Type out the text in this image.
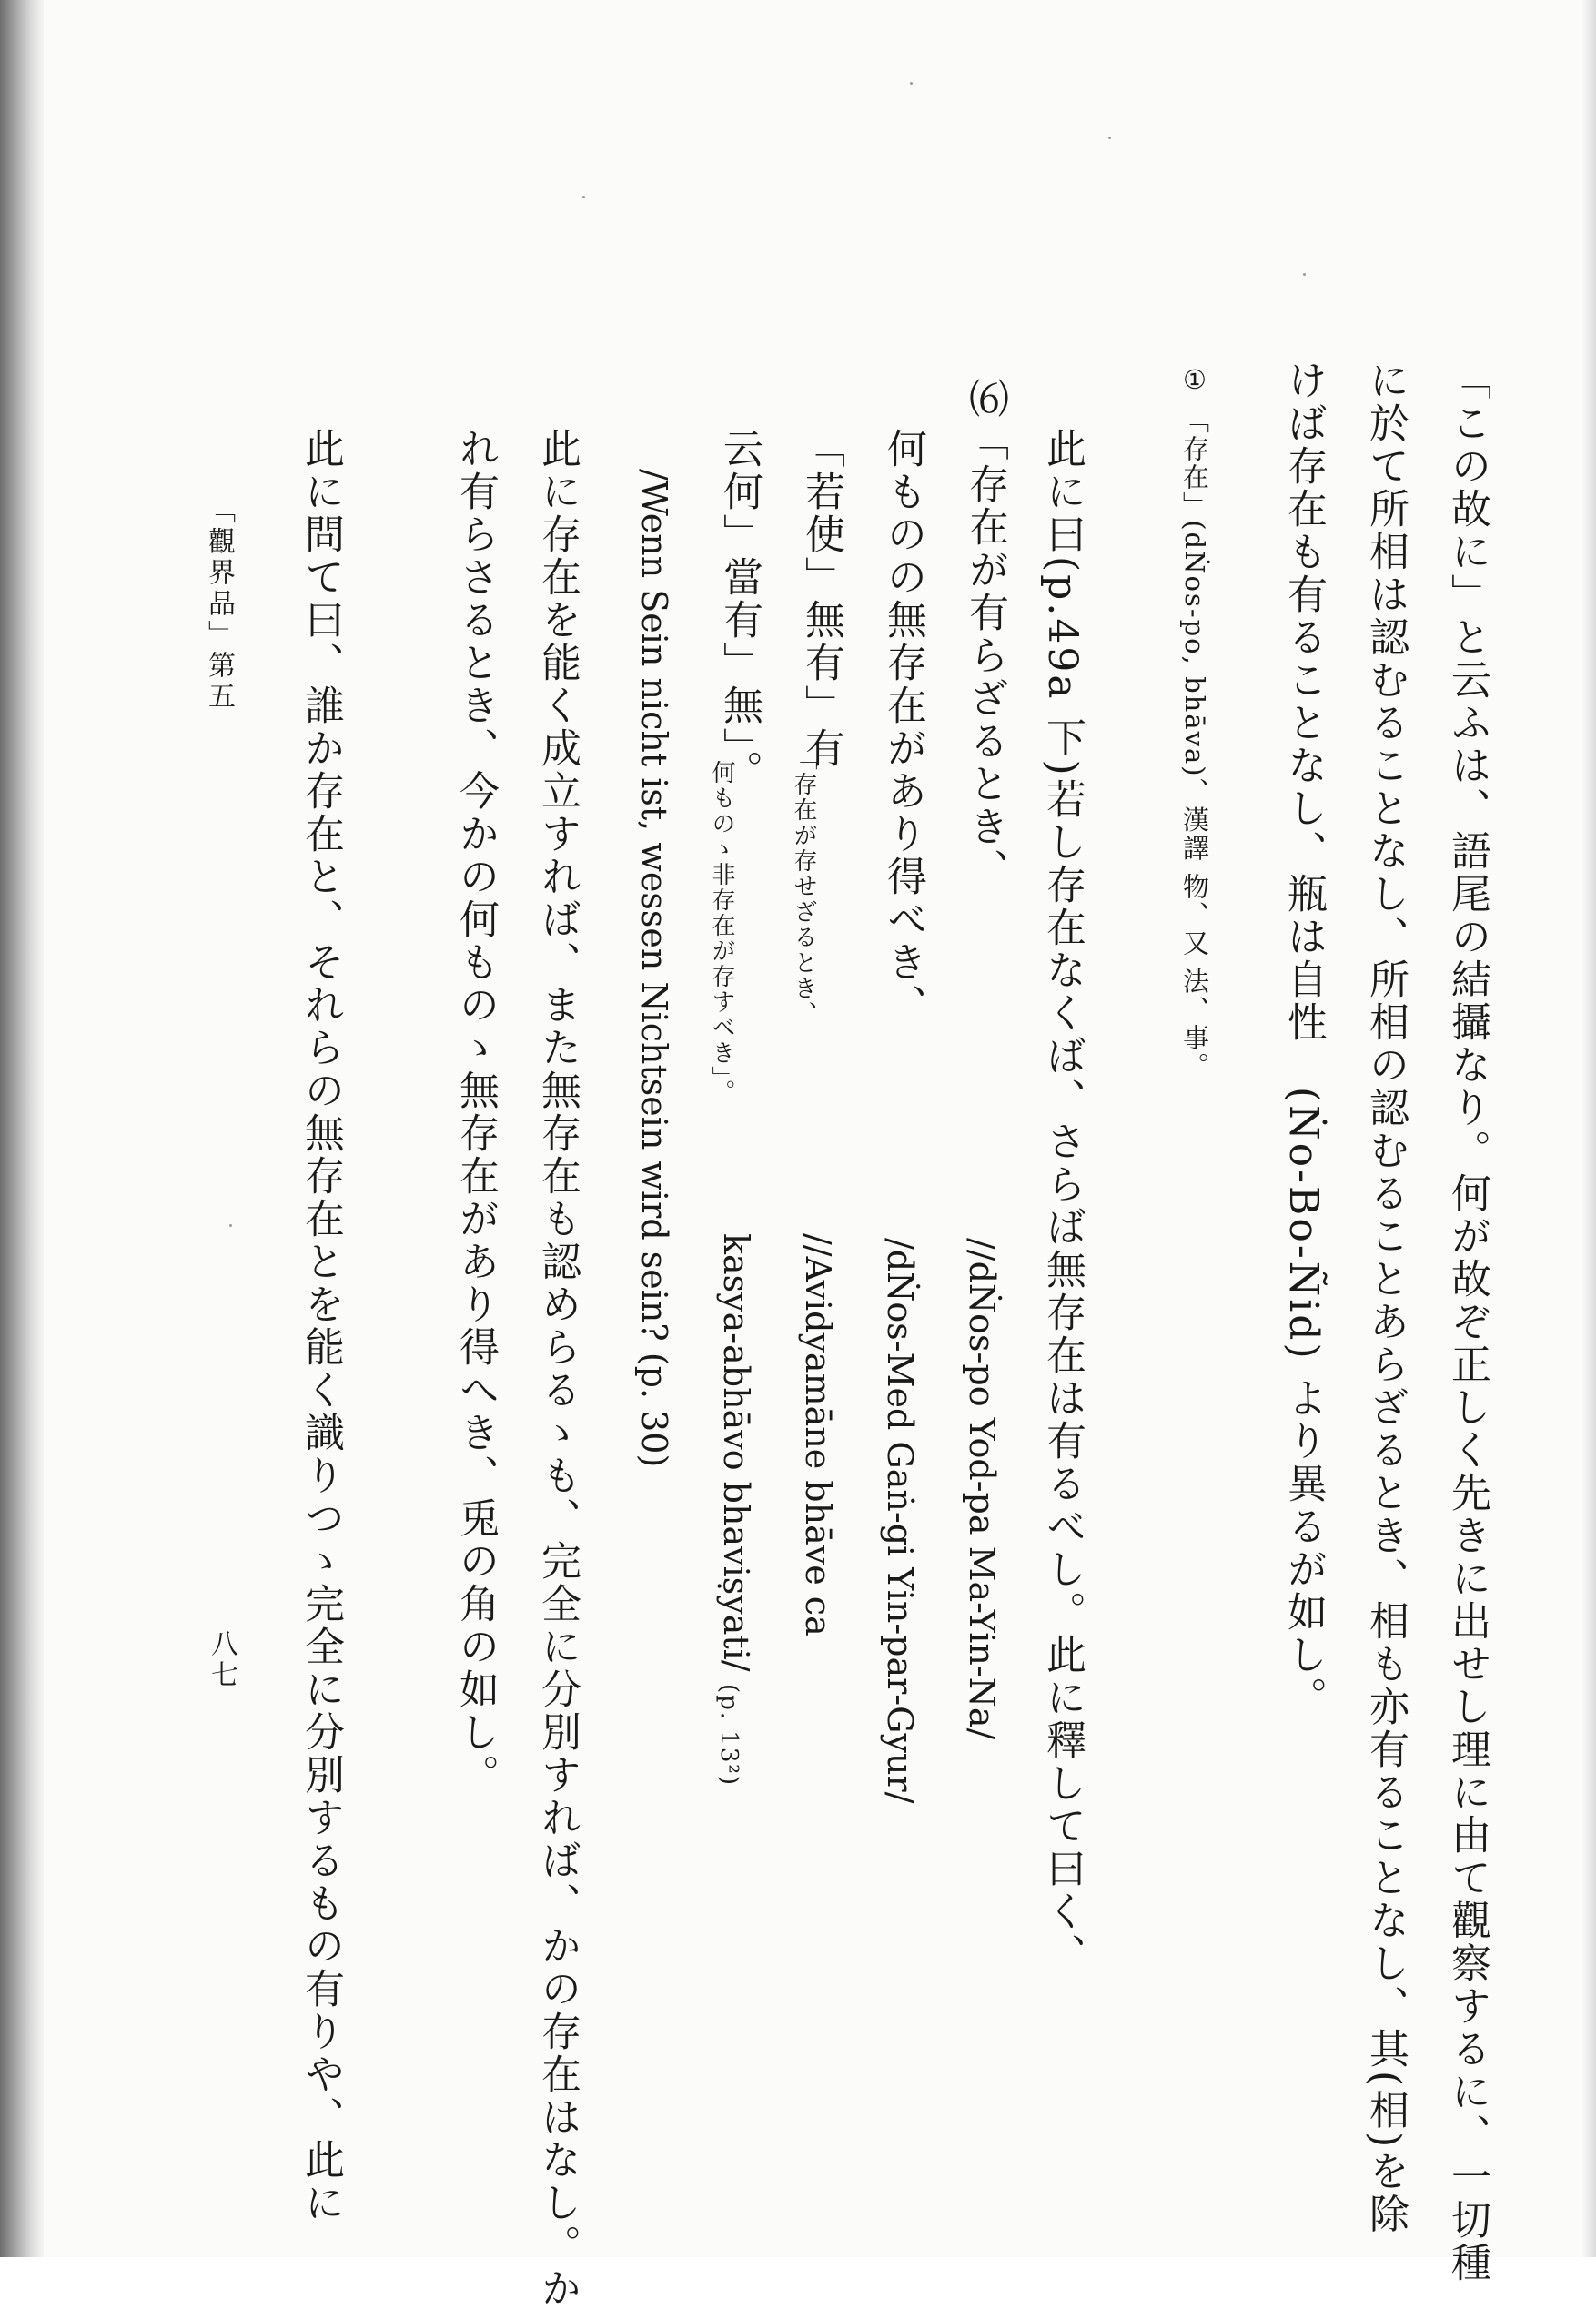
「この故に」と云ふは、語尾の結攝なり。何が故ぞ正しく先きに出せし理に由て觀察するに、一切種
に於て所相は認むることなし、所相の認むることあらざるとき、相も亦有ることなし、其(相)を除
けば存在も有ることなし、瓶は自性　(Ṅo-Bo-Ñid) より異るが如し。
① 「存在」(dṄos-po, bhāva)、漢譯 物、又 法、事。
此に曰(p.49a 下)若し存在なくば、さらば無存在は有るべし。此に釋して曰く、
⑹「存在が有らざるとき、
//dṄos-po Yod-pa Ma-Yin-Na/
何ものの無存在があり得べき、
/dṄos-Med Gaṅ-gi Yin-par-Gyur/
「若使」無有」有
「存在が存せざるとき、
//Avidyamāne bhāve ca
云何」當有」無」。
何ものゝ非存在が存すべき」。
kasya-abhāvo bhaviṣyati/
(p. 13²)
/Wenn Sein nicht ist, wessen Nichtsein wird sein? (p. 30)
此に存在を能く成立すれば、また無存在も認めらるゝも、完全に分別すれば、かの存在はなし。か
れ有らさるとき、今かの何ものゝ無存在があり得へき、兎の角の如し。
此に問て曰、誰か存在と、それらの無存在とを能く識りつゝ完全に分別するもの有りや、此に
「觀界品」第五
八七
